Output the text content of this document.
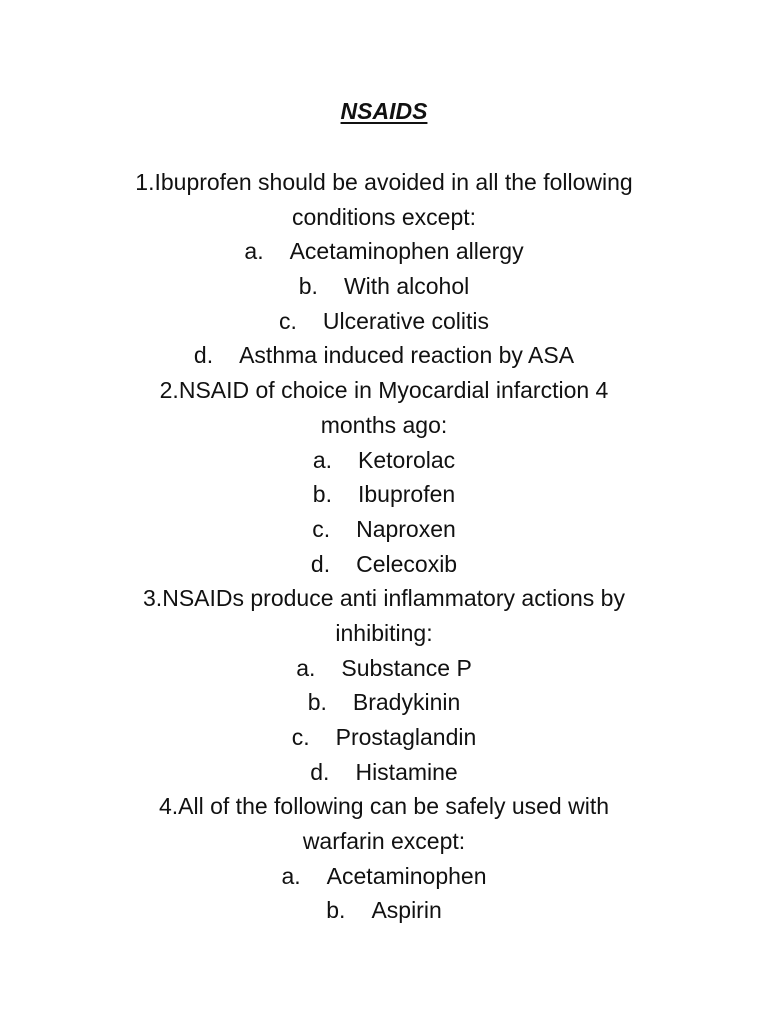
NSAIDS
1.Ibuprofen should be avoided in all the following
conditions except:
a. Acetaminophen allergy
b. With alcohol
c. Ulcerative colitis
d. Asthma induced reaction by ASA
2.NSAID of choice in Myocardial infarction 4
months ago:
a. Ketorolac
b. Ibuprofen
c. Naproxen
d. Celecoxib
3.NSAIDs produce anti inflammatory actions by
inhibiting:
a. Substance P
b. Bradykinin
c. Prostaglandin
d. Histamine
4.All of the following can be safely used with
warfarin except:
a. Acetaminophen
b. Aspirin
